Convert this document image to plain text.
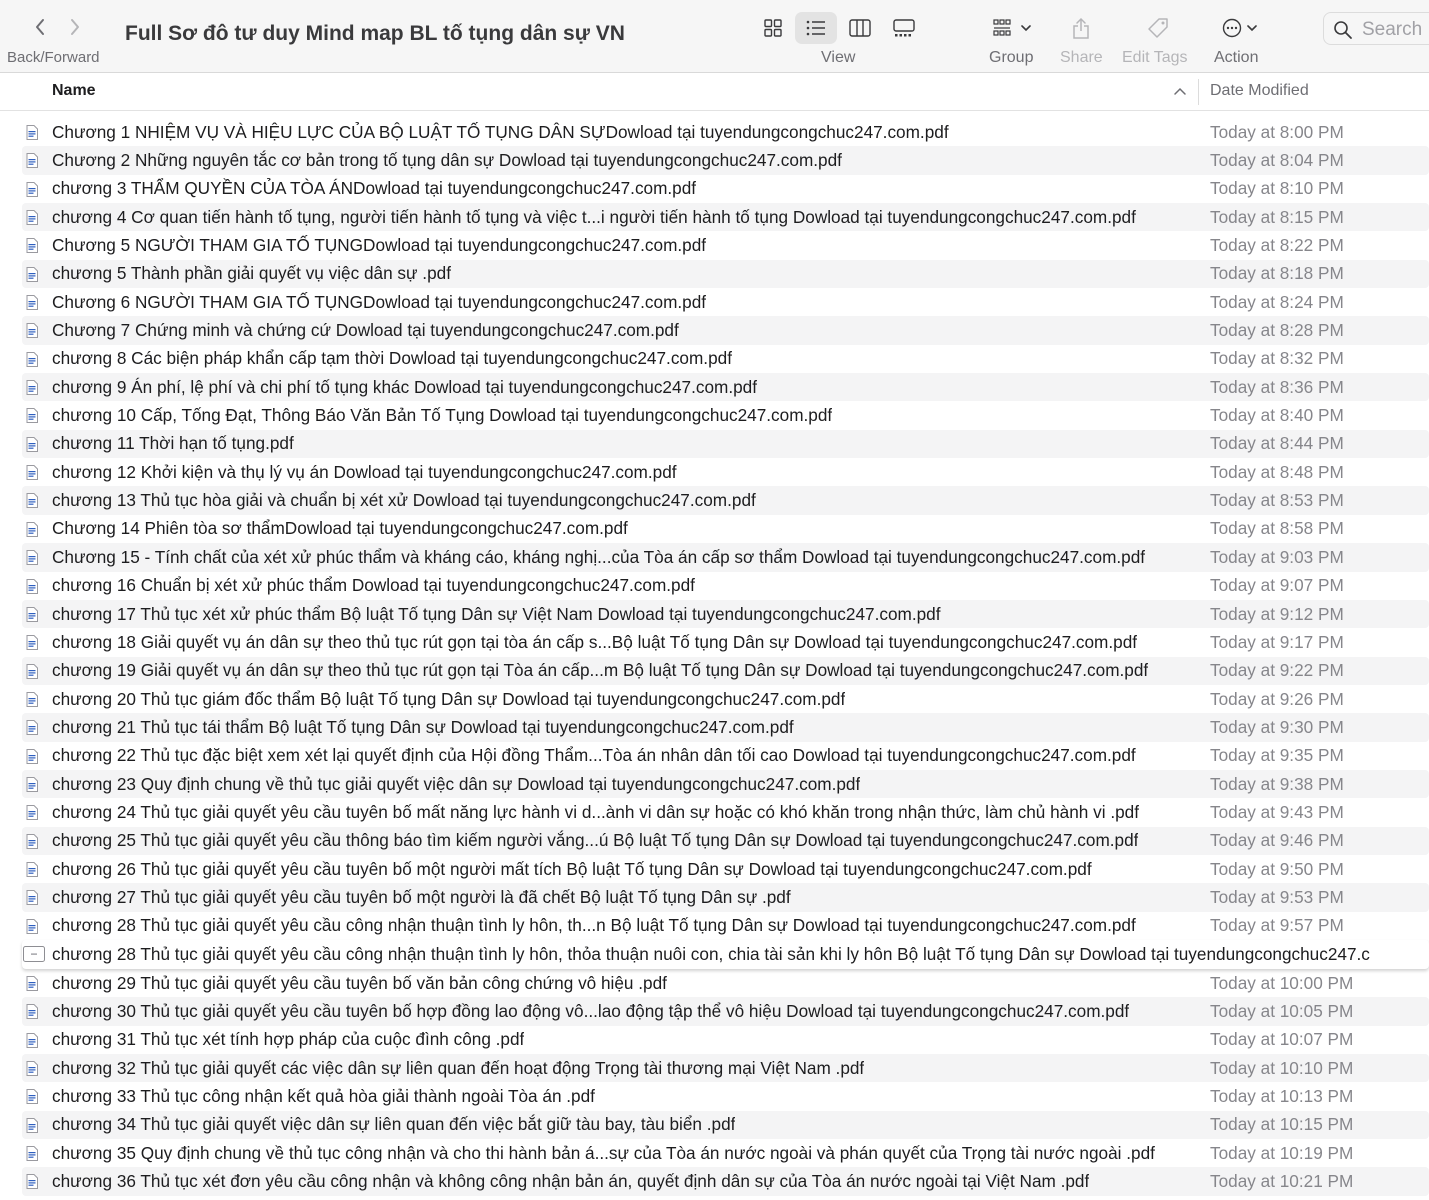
Back/Forward
Full Sơ đô tư duy Mind map BL tố tụng dân sự VN
View	Group Share Edit Tags Action
Search
Name	Date Modified
Chương 1 NHIỆM VỤ VÀ HIỆU LỰC CỦA BỘ LUẬT TỐ TỤNG DÂN SỰDowload tại tuyendungcongchuc247.com.pdf	Today at 8:00 PM
Chương 2 Những nguyên tắc cơ bản trong tố tụng dân sự Dowload tại tuyendungcongchuc247.com.pdf	Today at 8:04 PM
chương 3 THẨM QUYỀN CỦA TÒA ÁNDowload tại tuyendungcongchuc247.com.pdf	Today at 8:10 PM
chương 4 Cơ quan tiến hành tố tụng, người tiến hành tố tụng và việc t...i người tiến hành tố tụng Dowload tại tuyendungcongchuc247.com.pdf	Today at 8:15 PM
Chương 5 NGƯỜI THAM GIA TỐ TỤNGDowload tại tuyendungcongchuc247.com.pdf	Today at 8:22 PM
chương 5 Thành phần giải quyết vụ việc dân sự .pdf	Today at 8:18 PM
Chương 6 NGƯỜI THAM GIA TỐ TỤNGDowload tại tuyendungcongchuc247.com.pdf	Today at 8:24 PM
Chương 7 Chứng minh và chứng cứ Dowload tại tuyendungcongchuc247.com.pdf	Today at 8:28 PM
chương 8 Các biện pháp khẩn cấp tạm thời Dowload tại tuyendungcongchuc247.com.pdf	Today at 8:32 PM
chương 9 Án phí, lệ phí và chi phí tố tụng khác Dowload tại tuyendungcongchuc247.com.pdf	Today at 8:36 PM
chương 10 Cấp, Tống Đạt, Thông Báo Văn Bản Tố Tụng Dowload tại tuyendungcongchuc247.com.pdf	Today at 8:40 PM
chương 11 Thời hạn tố tụng.pdf	Today at 8:44 PM
chương 12 Khởi kiện và thụ lý vụ án Dowload tại tuyendungcongchuc247.com.pdf	Today at 8:48 PM
chương 13 Thủ tục hòa giải và chuẩn bị xét xử Dowload tại tuyendungcongchuc247.com.pdf	Today at 8:53 PM
Chương 14 Phiên tòa sơ thẩmDowload tại tuyendungcongchuc247.com.pdf	Today at 8:58 PM
Chương 15 - Tính chất của xét xử phúc thẩm và kháng cáo, kháng nghị...của Tòa án cấp sơ thẩm Dowload tại tuyendungcongchuc247.com.pdf	Today at 9:03 PM
chương 16 Chuẩn bị xét xử phúc thẩm Dowload tại tuyendungcongchuc247.com.pdf	Today at 9:07 PM
chương 17 Thủ tục xét xử phúc thẩm Bộ luật Tố tụng Dân sự Việt Nam Dowload tại tuyendungcongchuc247.com.pdf	Today at 9:12 PM
chương 18 Giải quyết vụ án dân sự theo thủ tục rút gọn tại tòa án cấp s...Bộ luật Tố tụng Dân sự Dowload tại tuyendungcongchuc247.com.pdf	Today at 9:17 PM
chương 19 Giải quyết vụ án dân sự theo thủ tục rút gọn tại Tòa án cấp...m Bộ luật Tố tụng Dân sự Dowload tại tuyendungcongchuc247.com.pdf	Today at 9:22 PM
chương 20 Thủ tục giám đốc thẩm Bộ luật Tố tụng Dân sự Dowload tại tuyendungcongchuc247.com.pdf	Today at 9:26 PM
chương 21 Thủ tục tái thẩm Bộ luật Tố tụng Dân sự Dowload tại tuyendungcongchuc247.com.pdf	Today at 9:30 PM
chương 22 Thủ tục đặc biệt xem xét lại quyết định của Hội đồng Thẩm...Tòa án nhân dân tối cao Dowload tại tuyendungcongchuc247.com.pdf	Today at 9:35 PM
chương 23 Quy định chung về thủ tục giải quyết việc dân sự Dowload tại tuyendungcongchuc247.com.pdf	Today at 9:38 PM
chương 24 Thủ tục giải quyết yêu cầu tuyên bố mất năng lực hành vi d...ành vi dân sự hoặc có khó khăn trong nhận thức, làm chủ hành vi .pdf	Today at 9:43 PM
chương 25 Thủ tục giải quyết yêu cầu thông báo tìm kiếm người vắng...ú Bộ luật Tố tụng Dân sự Dowload tại tuyendungcongchuc247.com.pdf	Today at 9:46 PM
chương 26 Thủ tục giải quyết yêu cầu tuyên bố một người mất tích Bộ luật Tố tụng Dân sự Dowload tại tuyendungcongchuc247.com.pdf	Today at 9:50 PM
chương 27 Thủ tục giải quyết yêu cầu tuyên bố một người là đã chết Bộ luật Tố tụng Dân sự .pdf	Today at 9:53 PM
chương 28 Thủ tục giải quyết yêu cầu công nhận thuận tình ly hôn, th...n Bộ luật Tố tụng Dân sự Dowload tại tuyendungcongchuc247.com.pdf	Today at 9:57 PM
chương 28 Thủ tục giải quyết yêu cầu công nhận thuận tình ly hôn, thỏa thuận nuôi con, chia tài sản khi ly hôn Bộ luật Tố tụng Dân sự Dowload tại tuyendungcongchuc247.c
chương 29 Thủ tục giải quyết yêu cầu tuyên bố văn bản công chứng vô hiệu .pdf	Today at 10:00 PM
chương 30 Thủ tục giải quyết yêu cầu tuyên bố hợp đồng lao động vô...lao động tập thể vô hiệu Dowload tại tuyendungcongchuc247.com.pdf	Today at 10:05 PM
chương 31 Thủ tục xét tính hợp pháp của cuộc đình công .pdf	Today at 10:07 PM
chương 32 Thủ tục giải quyết các việc dân sự liên quan đến hoạt động Trọng tài thương mại Việt Nam .pdf	Today at 10:10 PM
chương 33 Thủ tục công nhận kết quả hòa giải thành ngoài Tòa án .pdf	Today at 10:13 PM
chương 34 Thủ tục giải quyết việc dân sự liên quan đến việc bắt giữ tàu bay, tàu biển .pdf	Today at 10:15 PM
chương 35 Quy định chung về thủ tục công nhận và cho thi hành bản á...sự của Tòa án nước ngoài và phán quyết của Trọng tài nước ngoài .pdf	Today at 10:19 PM
chương 36 Thủ tục xét đơn yêu cầu công nhận và không công nhận bản án, quyết định dân sự của Tòa án nước ngoài tại Việt Nam .pdf	Today at 10:21 PM
